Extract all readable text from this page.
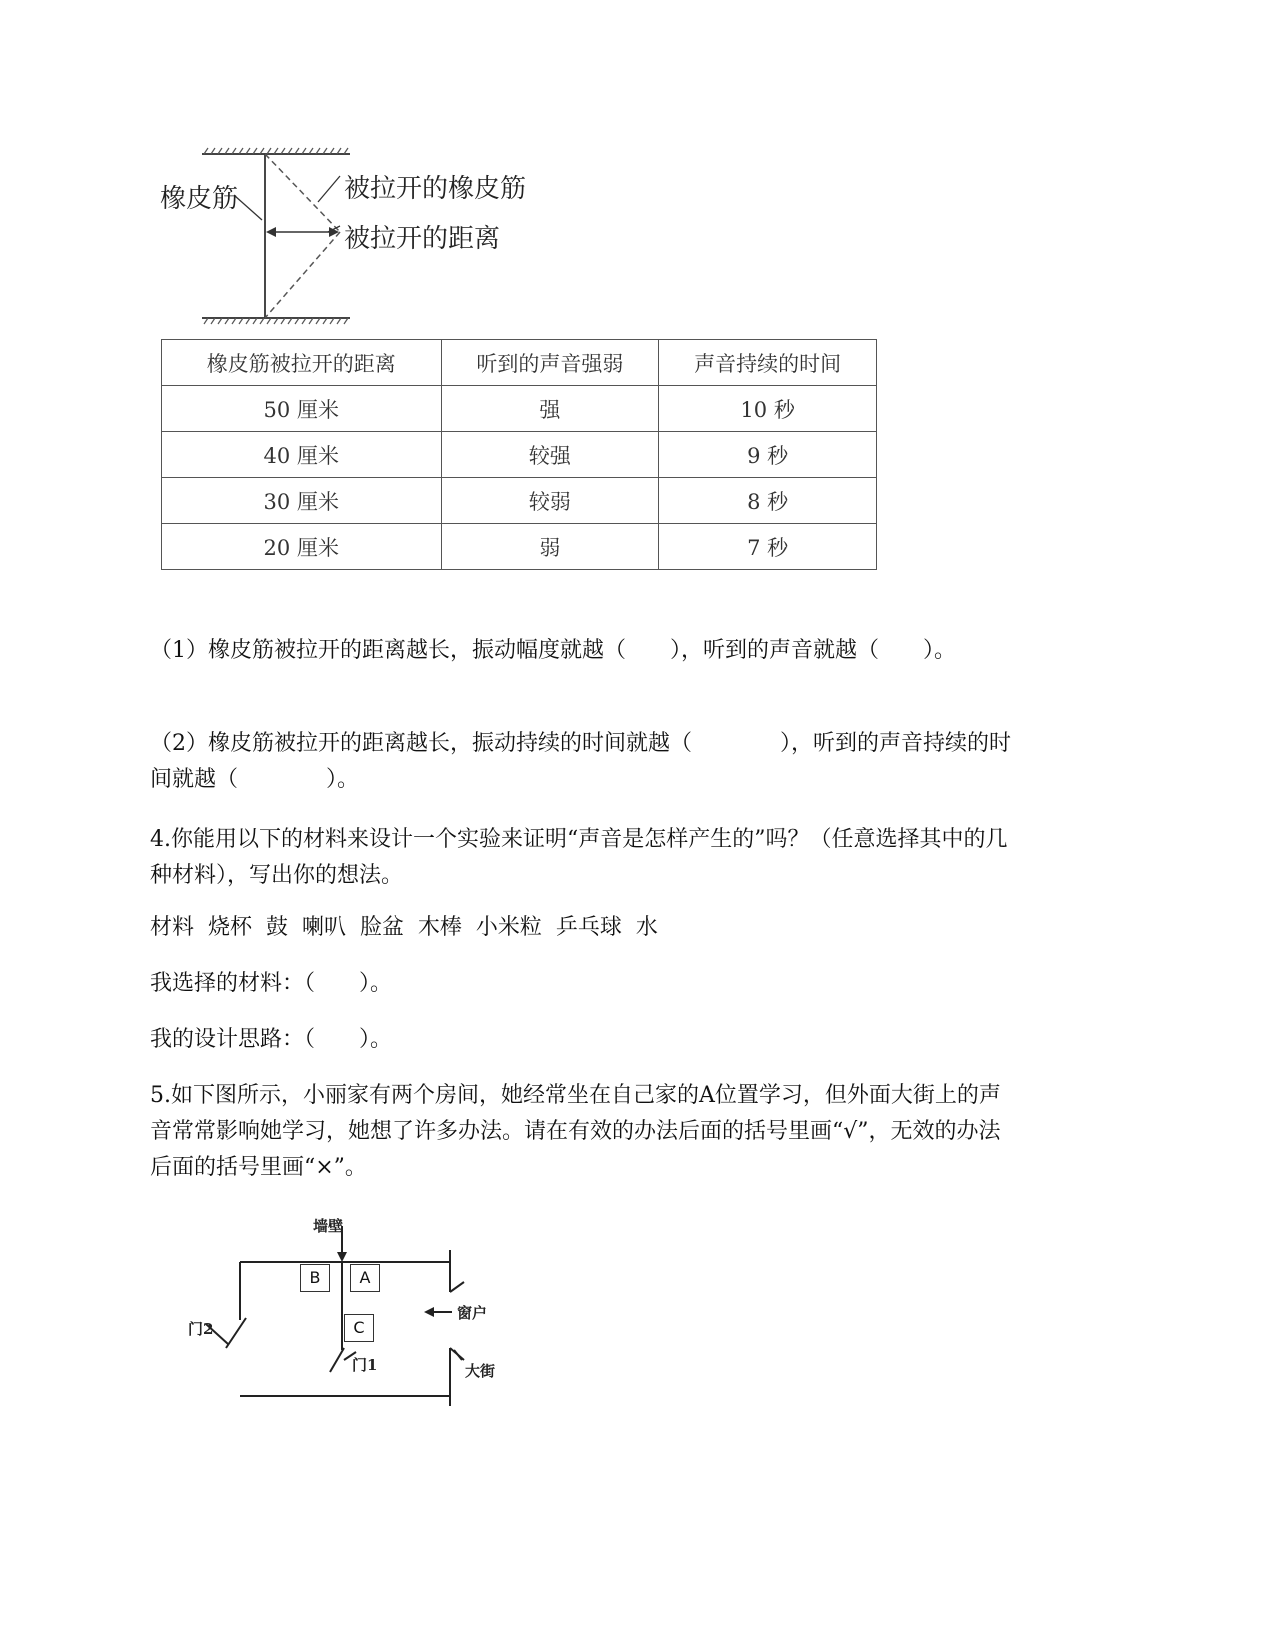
橡皮筋	被拉开的橡皮筋
被拉开的距离
橡皮筋被拉开的距离	听到的声音强弱	声音持续的时间
50 厘米	强	10 秒
40 厘米	较强	9 秒
30 厘米	较弱	8 秒
20 厘米	弱	7 秒
（1）橡皮筋被拉开的距离越长，振动幅度就越（　　），听到的声音就越（　　）。
（2）橡皮筋被拉开的距离越长，振动持续的时间就越（　　　　），听到的声音持续的时
间就越（　　　　）。
4.你能用以下的材料来设计一个实验来证明“声音是怎样产生的”吗？（任意选择其中的几
种材料），写出你的想法。
材料  烧杯  鼓  喇叭  脸盆  木棒  小米粒  乒乓球  水
我选择的材料：（　　）。
我的设计思路：（　　）。
5.如下图所示，小丽家有两个房间，她经常坐在自己家的A位置学习，但外面大街上的声
音常常影响她学习，她想了许多办法。请在有效的办法后面的括号里画“√”，无效的办法
后面的括号里画“×”。
墙壁
门2
门1
窗户
大街
B	A
C
